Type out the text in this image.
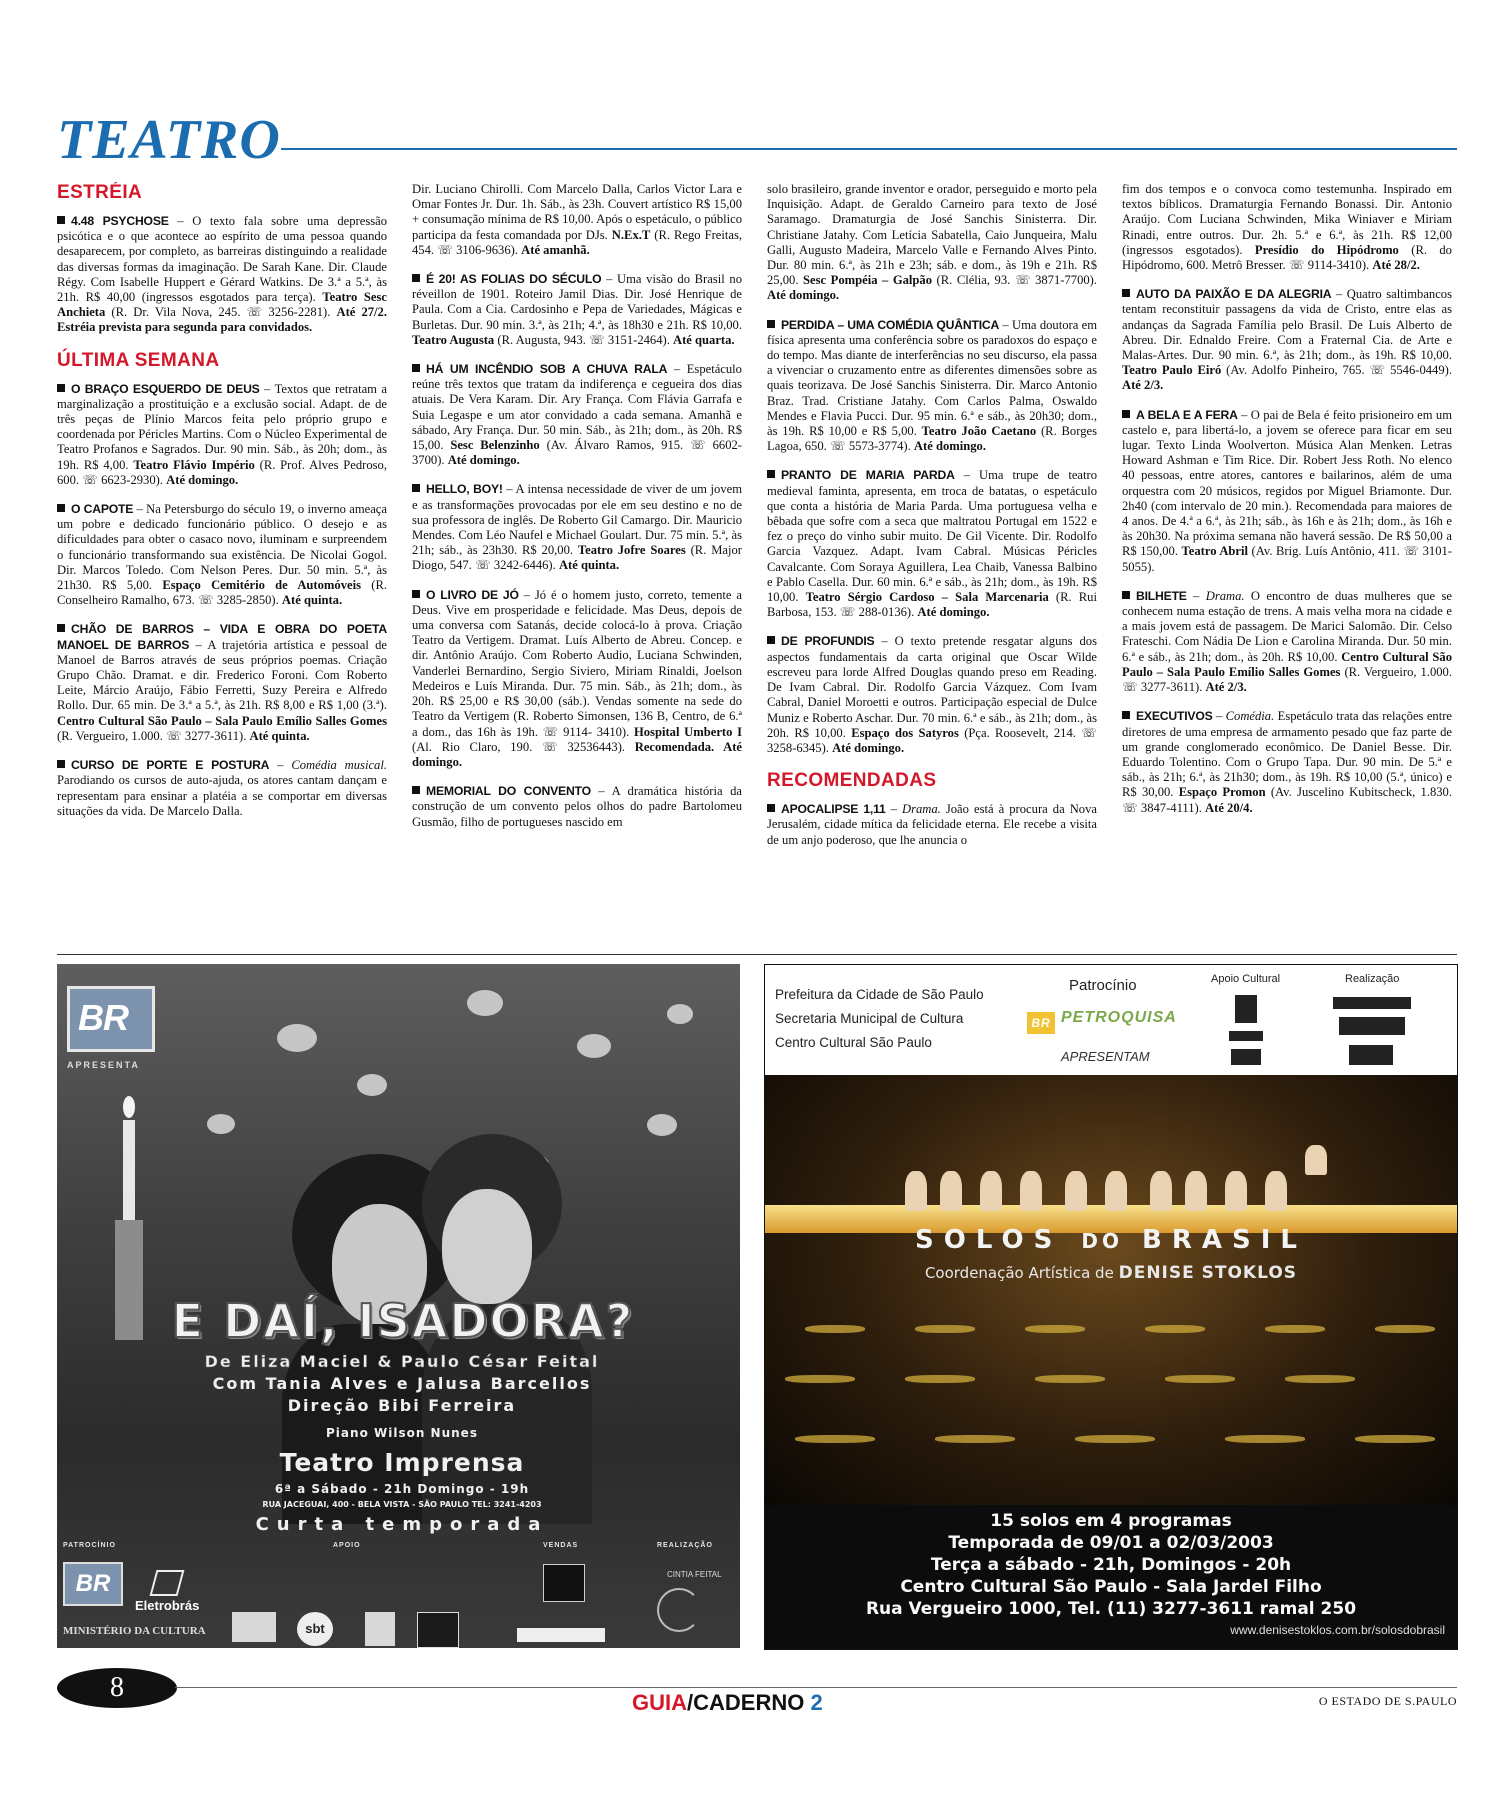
TEATRO
ESTRÉIA

4.48 PSYCHOSE – O texto fala sobre uma depressão psicótica e o que acontece ao espírito de uma pessoa quando desaparecem, por completo, as barreiras distinguindo a realidade das diversas formas da imaginação. De Sarah Kane. Dir. Claude Régy. Com Isabelle Huppert e Gérard Watkins. De 3.ª a 5.ª, às 21h. R$ 40,00 (ingressos esgotados para terça). Teatro Sesc Anchieta (R. Dr. Vila Nova, 245. ☏ 3256-2281). Até 27/2. Estréia prevista para segunda para convidados.

ÚLTIMA SEMANA

O BRAÇO ESQUERDO DE DEUS – Textos que retratam a marginalização a prostituição e a exclusão social. Adapt. de de três peças de Plínio Marcos feita pelo próprio grupo e coordenada por Péricles Martins. Com o Núcleo Experimental de Teatro Profanos e Sagrados. Dur. 90 min. Sáb., às 20h; dom., às 19h. R$ 4,00. Teatro Flávio Império (R. Prof. Alves Pedroso, 600. ☏ 6623-2930). Até domingo.

O CAPOTE – Na Petersburgo do século 19, o inverno ameaça um pobre e dedicado funcionário público. O desejo e as dificuldades para obter o casaco novo, iluminam e surpreendem o funcionário transformando sua existência. De Nicolai Gogol. Dir. Marcos Toledo. Com Nelson Peres. Dur. 50 min. 5.ª, às 21h30. R$ 5,00. Espaço Cemitério de Automóveis (R. Conselheiro Ramalho, 673. ☏ 3285-2850). Até quinta.

CHÃO DE BARROS – VIDA E OBRA DO POETA MANOEL DE BARROS – A trajetória artística e pessoal de Manoel de Barros através de seus próprios poemas. Criação Grupo Chão. Dramat. e dir. Frederico Foroni. Com Roberto Leite, Márcio Araújo, Fábio Ferretti, Suzy Pereira e Alfredo Rollo. Dur. 65 min. De 3.ª a 5.ª, às 21h. R$ 8,00 e R$ 1,00 (3.ª). Centro Cultural São Paulo – Sala Paulo Emílio Salles Gomes (R. Vergueiro, 1.000. ☏ 3277-3611). Até quinta.

CURSO DE PORTE E POSTURA – Comédia musical. Parodiando os cursos de auto-ajuda, os atores cantam dançam e representam para ensinar a platéia a se comportar em diversas situações da vida. De Marcelo Dalla.

Dir. Luciano Chirolli. Com Marcelo Dalla, Carlos Victor Lara e Omar Fontes Jr. Dur. 1h. Sáb., às 23h. Couvert artístico R$ 15,00 + consumação mínima de R$ 10,00. Após o espetáculo, o público participa da festa comandada por DJs. N.Ex.T (R. Rego Freitas, 454. ☏ 3106-9636). Até amanhã.

É 20! AS FOLIAS DO SÉCULO – Uma visão do Brasil no réveillon de 1901. Roteiro Jamil Dias. Dir. José Henrique de Paula. Com a Cia. Cardosinho e Pepa de Variedades, Mágicas e Burletas. Dur. 90 min. 3.ª, às 21h; 4.ª, às 18h30 e 21h. R$ 10,00. Teatro Augusta (R. Augusta, 943. ☏ 3151-2464). Até quarta.

HÁ UM INCÊNDIO SOB A CHUVA RALA – Espetáculo reúne três textos que tratam da indiferença e cegueira dos dias atuais. De Vera Karam. Dir. Ary França. Com Flávia Garrafa e Suia Legaspe e um ator convidado a cada semana. Amanhã e sábado, Ary França. Dur. 50 min. Sáb., às 21h; dom., às 20h. R$ 15,00. Sesc Belenzinho (Av. Álvaro Ramos, 915. ☏ 6602-3700). Até domingo.

HELLO, BOY! – A intensa necessidade de viver de um jovem e as transformações provocadas por ele em seu destino e no de sua professora de inglês. De Roberto Gil Camargo. Dir. Mauricio Mendes. Com Léo Naufel e Michael Goulart. Dur. 75 min. 5.ª, às 21h; sáb., às 23h30. R$ 20,00. Teatro Jofre Soares (R. Major Diogo, 547. ☏ 3242-6446). Até quinta.

O LIVRO DE JÓ – Jó é o homem justo, correto, temente a Deus. Vive em prosperidade e felicidade. Mas Deus, depois de uma conversa com Satanás, decide colocá-lo à prova. Criação Teatro da Vertigem. Dramat. Luís Alberto de Abreu. Concep. e dir. Antônio Araújo. Com Roberto Audio, Luciana Schwinden, Vanderlei Bernardino, Sergio Siviero, Miriam Rinaldi, Joelson Medeiros e Luís Miranda. Dur. 75 min. Sáb., às 21h; dom., às 20h. R$ 25,00 e R$ 30,00 (sáb.). Vendas somente na sede do Teatro da Vertigem (R. Roberto Simonsen, 136 B, Centro, de 6.ª a dom., das 16h às 19h. ☏ 9114- 3410). Hospital Umberto I (Al. Rio Claro, 190. ☏ 32536443). Recomendada. Até domingo.

MEMORIAL DO CONVENTO – A dramática história da construção de um convento pelos olhos do padre Bartolomeu Gusmão, filho de portugueses nascido em

solo brasileiro, grande inventor e orador, perseguido e morto pela Inquisição. Adapt. de Geraldo Carneiro para texto de José Saramago. Dramaturgia de José Sanchis Sinisterra. Dir. Christiane Jatahy. Com Letícia Sabatella, Caio Junqueira, Malu Galli, Augusto Madeira, Marcelo Valle e Fernando Alves Pinto. Dur. 80 min. 6.ª, às 21h e 23h; sáb. e dom., às 19h e 21h. R$ 25,00. Sesc Pompéia – Galpão (R. Clélia, 93. ☏ 3871-7700). Até domingo.

PERDIDA – UMA COMÉDIA QUÂNTICA – Uma doutora em física apresenta uma conferência sobre os paradoxos do espaço e do tempo. Mas diante de interferências no seu discurso, ela passa a vivenciar o cruzamento entre as diferentes dimensões sobre as quais teorizava. De José Sanchis Sinisterra. Dir. Marco Antonio Braz. Trad. Cristiane Jatahy. Com Carlos Palma, Oswaldo Mendes e Flavia Pucci. Dur. 95 min. 6.ª e sáb., às 20h30; dom., às 19h. R$ 10,00 e R$ 5,00. Teatro João Caetano (R. Borges Lagoa, 650. ☏ 5573-3774). Até domingo.

PRANTO DE MARIA PARDA – Uma trupe de teatro medieval faminta, apresenta, em troca de batatas, o espetáculo que conta a história de Maria Parda. Uma portuguesa velha e bêbada que sofre com a seca que maltratou Portugal em 1522 e fez o preço do vinho subir muito. De Gil Vicente. Dir. Rodolfo Garcia Vazquez. Adapt. Ivam Cabral. Músicas Péricles Cavalcante. Com Soraya Aguillera, Lea Chaib, Vanessa Balbino e Pablo Casella. Dur. 60 min. 6.ª e sáb., às 21h; dom., às 19h. R$ 10,00. Teatro Sérgio Cardoso – Sala Marcenaria (R. Rui Barbosa, 153. ☏ 288-0136). Até domingo.

DE PROFUNDIS – O texto pretende resgatar alguns dos aspectos fundamentais da carta original que Oscar Wilde escreveu para lorde Alfred Douglas quando preso em Reading. De Ivam Cabral. Dir. Rodolfo Garcia Vázquez. Com Ivam Cabral, Daniel Moroetti e outros. Participação especial de Dulce Muniz e Roberto Aschar. Dur. 70 min. 6.ª e sáb., às 21h; dom., às 20h. R$ 10,00. Espaço dos Satyros (Pça. Roosevelt, 214. ☏ 3258-6345). Até domingo.

RECOMENDADAS

APOCALIPSE 1,11 – Drama. João está à procura da Nova Jerusalém, cidade mítica da felicidade eterna. Ele recebe a visita de um anjo poderoso, que lhe anuncia o

fim dos tempos e o convoca como testemunha. Inspirado em textos bíblicos. Dramaturgia Fernando Bonassi. Dir. Antonio Araújo. Com Luciana Schwinden, Mika Winiaver e Miriam Rinadi, entre outros. Dur. 2h. 5.ª e 6.ª, às 21h. R$ 12,00 (ingressos esgotados). Presídio do Hipódromo (R. do Hipódromo, 600. Metrô Bresser. ☏ 9114-3410). Até 28/2.

AUTO DA PAIXÃO E DA ALEGRIA – Quatro saltimbancos tentam reconstituir passagens da vida de Cristo, entre elas as andanças da Sagrada Família pelo Brasil. De Luis Alberto de Abreu. Dir. Ednaldo Freire. Com a Fraternal Cia. de Arte e Malas-Artes. Dur. 90 min. 6.ª, às 21h; dom., às 19h. R$ 10,00. Teatro Paulo Eiró (Av. Adolfo Pinheiro, 765. ☏ 5546-0449). Até 2/3.

A BELA E A FERA – O pai de Bela é feito prisioneiro em um castelo e, para libertá-lo, a jovem se oferece para ficar em seu lugar. Texto Linda Woolverton. Música Alan Menken. Letras Howard Ashman e Tim Rice. Dir. Robert Jess Roth. No elenco 40 pessoas, entre atores, cantores e bailarinos, além de uma orquestra com 20 músicos, regidos por Miguel Briamonte. Dur. 2h40 (com intervalo de 20 min.). Recomendada para maiores de 4 anos. De 4.ª a 6.ª, às 21h; sáb., às 16h e às 21h; dom., às 16h e às 20h30. Na próxima semana não haverá sessão. De R$ 50,00 a R$ 150,00. Teatro Abril (Av. Brig. Luís Antônio, 411. ☏ 3101-5055).

BILHETE – Drama. O encontro de duas mulheres que se conhecem numa estação de trens. A mais velha mora na cidade e a mais jovem está de passagem. De Marici Salomão. Dir. Celso Frateschi. Com Nádia De Lion e Carolina Miranda. Dur. 50 min. 6.ª e sáb., às 21h; dom., às 20h. R$ 10,00. Centro Cultural São Paulo – Sala Paulo Emílio Salles Gomes (R. Vergueiro, 1.000. ☏ 3277-3611). Até 2/3.

EXECUTIVOS – Comédia. Espetáculo trata das relações entre diretores de uma empresa de armamento pesado que faz parte de um grande conglomerado econômico. De Daniel Besse. Dir. Eduardo Tolentino. Com o Grupo Tapa. Dur. 90 min. De 5.ª e sáb., às 21h; 6.ª, às 21h30; dom., às 19h. R$ 10,00 (5.ª, único) e R$ 30,00. Espaço Promon (Av. Juscelino Kubitscheck, 1.830. ☏ 3847-4111). Até 20/4.

BR
APRESENTA
E DAÍ, ISADORA?
De Eliza Maciel & Paulo César Feital
Com Tania Alves e Jalusa Barcellos
Direção Bibi Ferreira
Piano Wilson Nunes
Teatro Imprensa
6ª a Sábado - 21h Domingo - 19h
RUA JACEGUAI, 400 - BELA VISTA - SÃO PAULO TEL: 3241-4203
Curta temporada
PATROCÍNIO	APOIO	VENDAS	REALIZAÇÃO
BR
Eletrobrás
MINISTÉRIO DA CULTURA	sbt
CINTIA FEITAL
Prefeitura da Cidade de São Paulo
Secretaria Municipal de Cultura
Centro Cultural São Paulo
Patrocínio
BR PETROQUISA
APRESENTAM
Apoio Cultural	Realização
SOLOS DO BRASIL
Coordenação Artística de DENISE STOKLOS
15 solos em 4 programas
Temporada de 09/01 a 02/03/2003
Terça a sábado - 21h, Domingos - 20h
Centro Cultural São Paulo - Sala Jardel Filho
Rua Vergueiro 1000, Tel. (11) 3277-3611 ramal 250
www.denisestoklos.com.br/solosdobrasil
8	GUIA/CADERNO 2	O ESTADO DE S.PAULO
